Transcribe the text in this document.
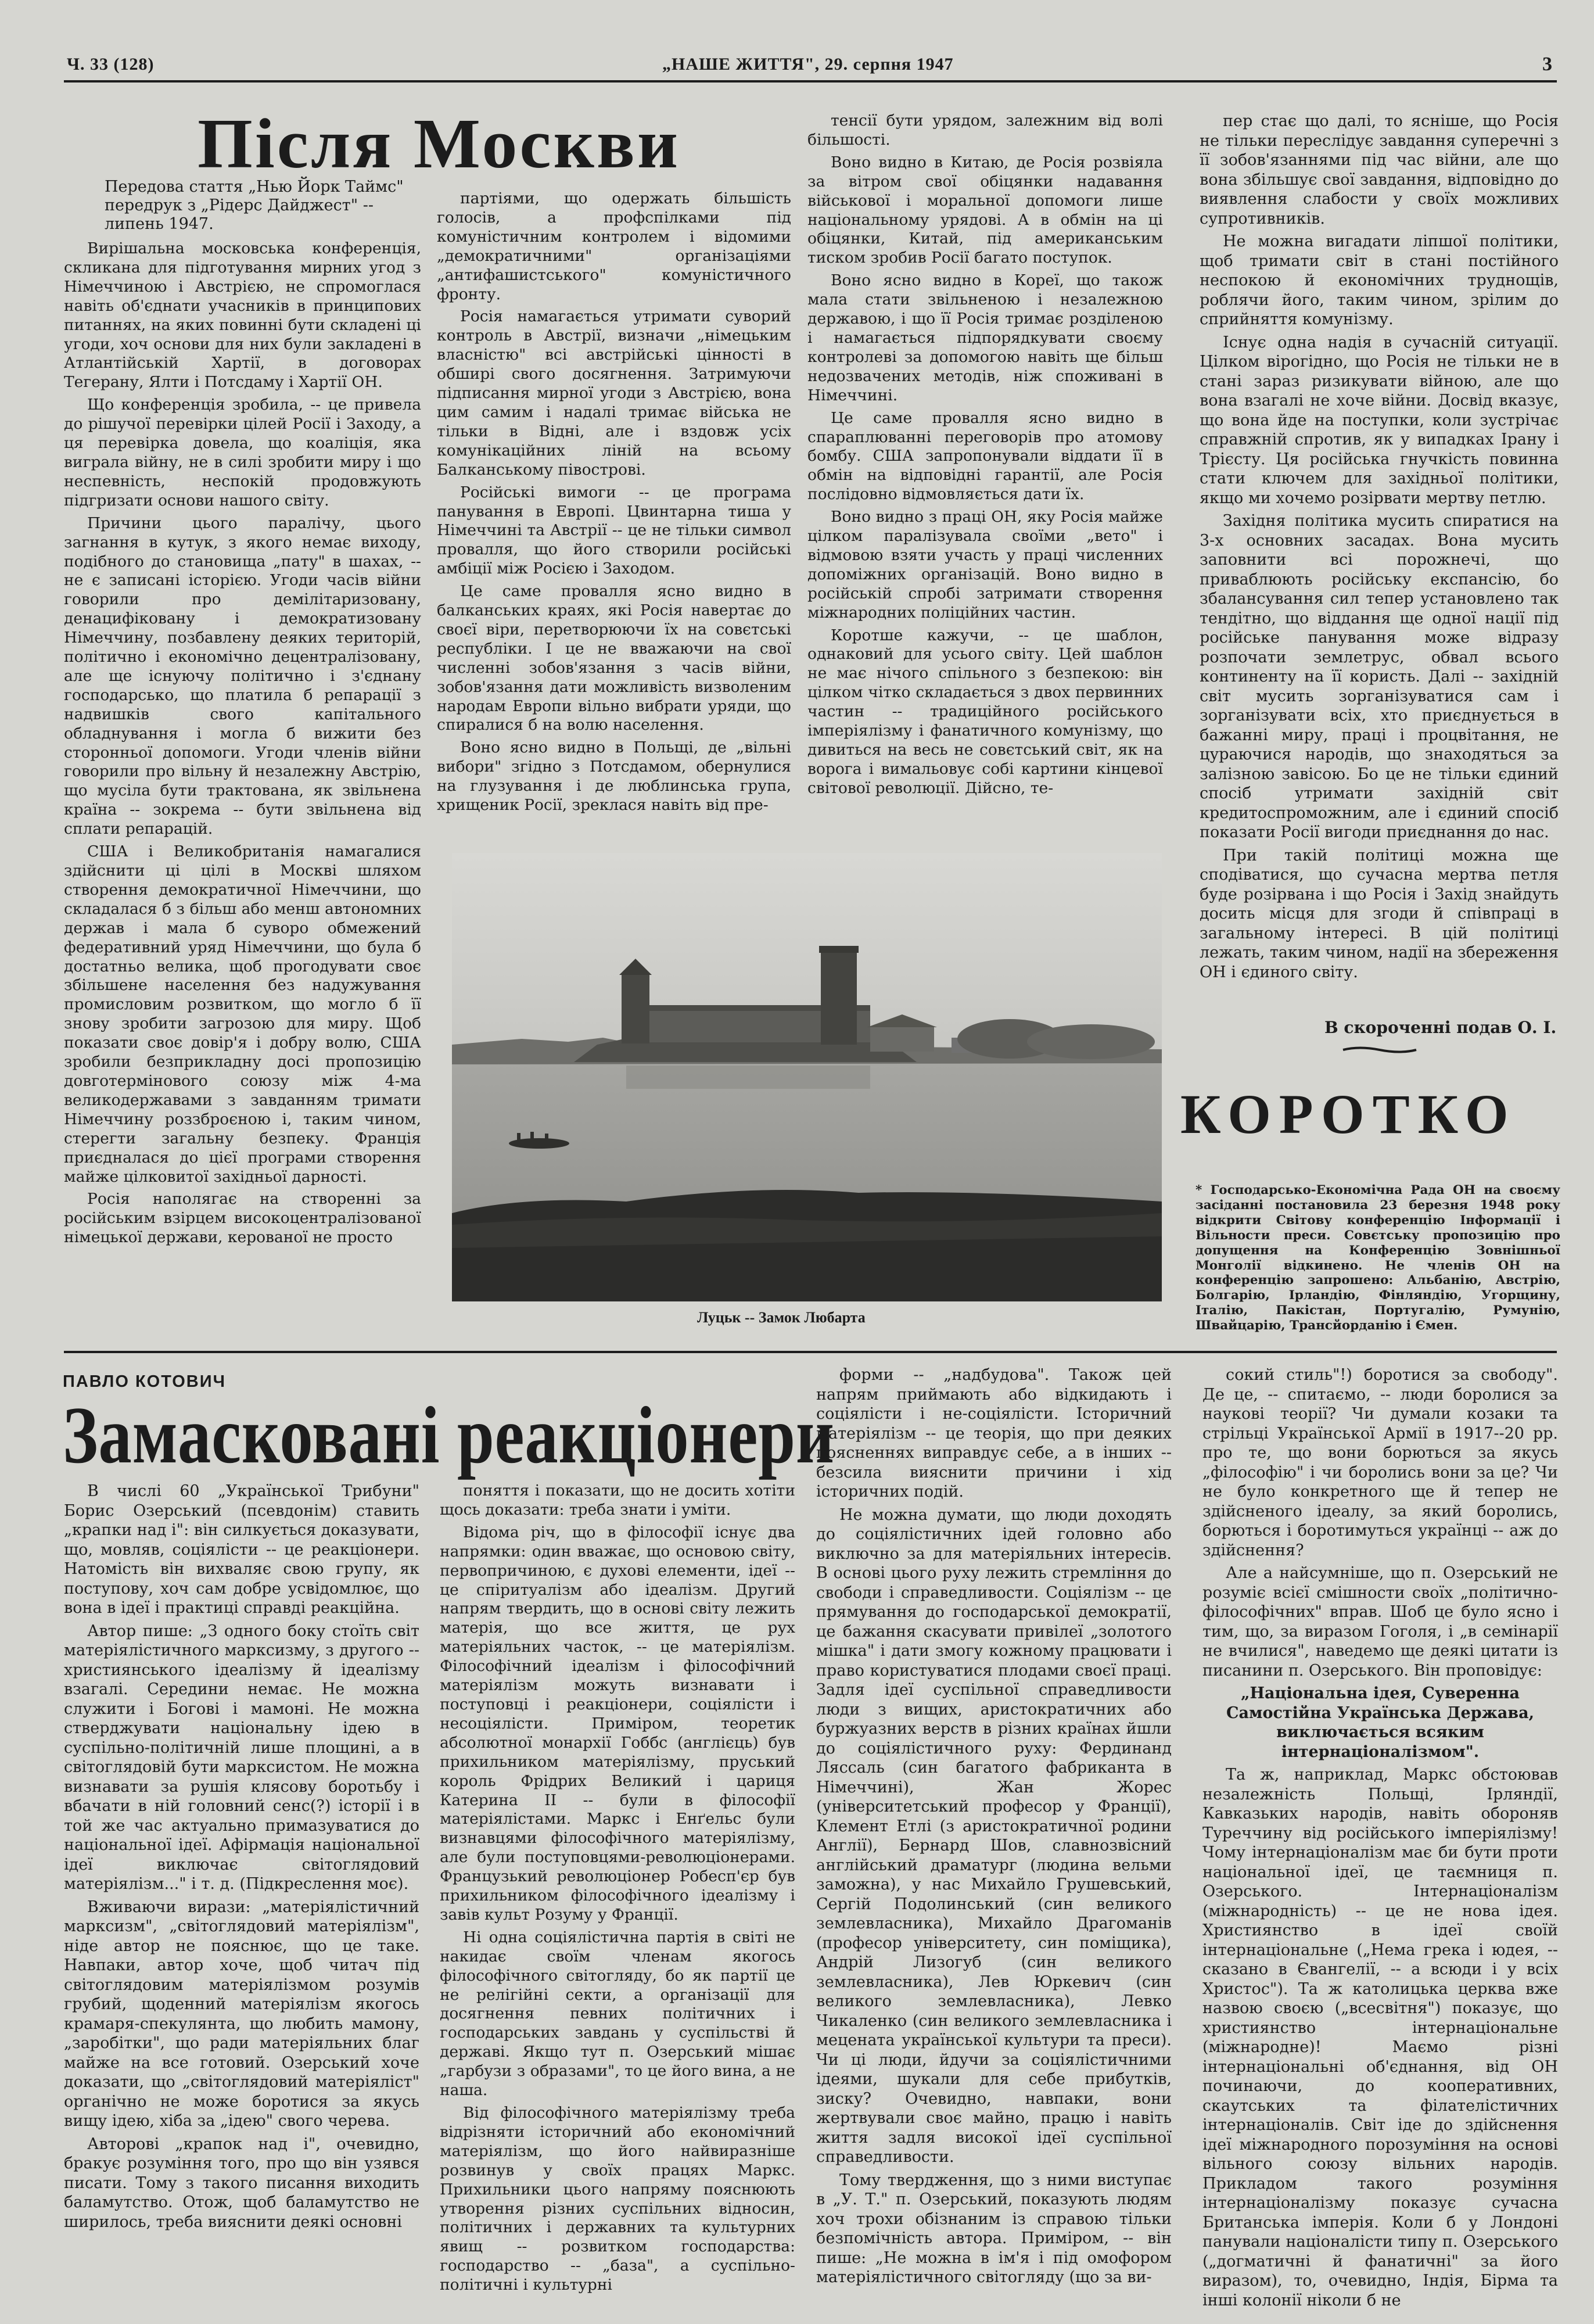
Ч. 33 (128)	„НАШЕ ЖИТТЯ", 29. серпня 1947	3
Після Москви
Передова стаття „Нью Йорк Таймс" передрук з „Рідерс Дайджест" -- липень 1947.

Вирішальна московська конференція, скликана для підготування мирних угод з Німеччиною і Австрією, не спромоглася навіть об'єднати учасників в принципових питаннях, на яких повинні бути складені ці угоди, хоч основи для них були закладені в Атлантійській Хартії, в договорах Тегерану, Ялти і Потсдаму і Хартії ОН.

Що конференція зробила, -- це привела до рішучої перевірки цілей Росії і Заходу, а ця перевірка довела, що коаліція, яка виграла війну, не в силі зробити миру і що неспевність, неспокій продовжують підгризати основи нашого світу.

Причини цього паралічу, цього загнання в кутук, з якого немає виходу, подібного до становища „пату" в шахах, -- не є записані історією. Угоди часів війни говорили про демілітаризовану, денацифіковану і демократизовану Німеччину, позбавлену деяких територій, політично і економічно децентралізовану, але ще існуючу політично і з'єднану господарсько, що платила б репарації з надвишків свого капітального обладнування і могла б вижити без сторонньої допомоги. Угоди членів війни говорили про вільну й незалежну Австрію, що мусіла бути трактована, як звільнена країна -- зокрема -- бути звільнена від сплати репарацій.

США і Великобританія намагалися здійснити ці цілі в Москві шляхом створення демократичної Німеччини, що складалася б з більш або менш автономних держав і мала б суворо обмежений федеративний уряд Німеччини, що була б достатньо велика, щоб прогодувати своє збільшене населення без надужування промисловим розвитком, що могло б її знову зробити загрозою для миру. Щоб показати своє довір'я і добру волю, США зробили безприкладну досі пропозицію довготермінового союзу між 4-ма великодержавами з завданням тримати Німеччину роззброєною і, таким чином, стерегти загальну безпеку. Франція приєдналася до цієї програми створення майже цілковитої західньої дарності.

Росія наполягає на створенні за російським взірцем високоцентралізованої німецької держави, керованої не просто

партіями, що одержать більшість голосів, а профспілками під комуністичним контролем і відомими „демократичними" організаціями „антифашистського" комуністичного фронту.

Росія намагається утримати суворий контроль в Австрії, визначи „німецьким власністю" всі австрійські цінності в обширі свого досягнення. Затримуючи підписання мирної угоди з Австрією, вона цим самим і надалі тримає війська не тільки в Відні, але і вздовж усіх комунікаційних ліній на всьому Балканському півострові.

Російські вимоги -- це програма панування в Европі. Цвинтарна тиша у Німеччині та Австрії -- це не тільки символ провалля, що його створили російські амбіції між Росією і Заходом.

Це саме провалля ясно видно в балканських краях, які Росія навертає до своєї віри, перетворюючи їх на совєтські республіки. І це не вважаючи на свої численні зобов'язання з часів війни, зобов'язання дати можливість визволеним народам Европи вільно вибрати уряди, що спиралися б на волю населення.

Воно ясно видно в Польщі, де „вільні вибори" згідно з Потсдамом, обернулися на глузування і де люблинська група, хрищеник Росії, зреклася навіть від пре-

тенсії бути урядом, залежним від волі більшості.

Воно видно в Китаю, де Росія розвіяла за вітром свої обіцянки надавання військової і моральної допомоги лише національному урядові. А в обмін на ці обіцянки, Китай, під американським тиском зробив Росії багато поступок.

Воно ясно видно в Кореї, що також мала стати звільненою і незалежною державою, і що її Росія тримає розділеною і намагається підпорядкувати своєму контролеві за допомогою навіть ще більш недозвачених методів, ніж споживані в Німеччині.

Це саме провалля ясно видно в спараплюванні переговорів про атомову бомбу. США запропонували віддати її в обмін на відповідні гарантії, але Росія послідовно відмовляється дати їх.

Воно видно з праці ОН, яку Росія майже цілком паралізувала своїми „вето" і відмовою взяти участь у праці численних допоміжних організацій. Воно видно в російській спробі затримати створення міжнародних поліційних частин.

Коротше кажучи, -- це шаблон, однаковий для усього світу. Цей шаблон не має нічого спільного з безпекою: він цілком чітко складається з двох первинних частин -- традиційного російського імперіялізму і фанатичного комунізму, що дивиться на весь не совєтський світ, як на ворога і вимальовує собі картини кінцевої світової революції. Дійсно, те-

пер стає що далі, то ясніше, що Росія не тільки переслідує завдання суперечні з її зобов'язаннями під час війни, але що вона збільшує свої завдання, відповідно до виявлення слабости у своїх можливих супротивників.

Не можна вигадати ліпшої політики, щоб тримати світ в стані постійного неспокою й економічних труднощів, роблячи його, таким чином, зрілим до сприйняття комунізму.

Існує одна надія в сучасній ситуації. Цілком вірогідно, що Росія не тільки не в стані зараз ризикувати війною, але що вона взагалі не хоче війни. Досвід вказує, що вона йде на поступки, коли зустрічає справжній спротив, як у випадках Ірану і Трієсту. Ця російська гнучкість повинна стати ключем для західньої політики, якщо ми хочемо розірвати мертву петлю.

Західня політика мусить спиратися на 3-х основних засадах. Вона мусить заповнити всі порожнечі, що приваблюють російську експансію, бо збалансування сил тепер установлено так тендітно, що віддання ще одної нації під російське панування може відразу розпочати землетрус, обвал всього континенту на її користь. Далі -- західній світ мусить зорганізуватися сам і зорганізувати всіх, хто приєднується в бажанні миру, праці і процвітання, не цураючися народів, що знаходяться за залізною завісою. Бо це не тільки єдиний спосіб утримати західній світ кредитоспроможним, але і єдиний спосіб показати Росії вигоди приєднання до нас.

При такій політиці можна ще сподіватися, що сучасна мертва петля буде розірвана і що Росія і Захід знайдуть досить місця для згоди й співпраці в загальному інтересі. В цій політиці лежать, таким чином, надії на збереження ОН і єдиного світу.

В скороченні подав О. І.
Луцьк -- Замок Любарта
КОРОТКО
* Господарсько-Економічна Рада ОН на своєму засіданні постановила 23 березня 1948 року відкрити Світову конференцію Інформації і Вільности преси. Совєтську пропозицію про допущення на Конференцію Зовнішньої Монголії відкинено. Не членів ОН на конференцію запрошено: Альбанію, Австрію, Болгарію, Ірландію, Фінляндію, Угорщину, Італію, Пакістан, Португалію, Румунію, Швайцарію, Трансйорданію і Ємен.
ПАВЛО КОТОВИЧ
Замасковані реакціонери

В числі 60 „Української Трибуни" Борис Озерський (псевдонім) ставить „крапки над і": він силкується доказувати, що, мовляв, соціялісти -- це реакціонери. Натомість він вихваляє свою групу, як поступову, хоч сам добре усвідомлює, що вона в ідеї і практиці справді реакційна.

Автор пише: „З одного боку стоїть світ матеріялістичного марксизму, з другого -- християнського ідеалізму й ідеалізму взагалі. Середини немає. Не можна служити і Богові і мамоні. Не можна стверджувати національну ідею в суспільно-політичній лише площині, а в світоглядовій бути марксистом. Не можна визнавати за рушія клясову боротьбу і вбачати в ній головний сенс(?) історії і в той же час актуально примазуватися до національної ідеї. Афірмація національної ідеї виключає світоглядовий матеріялізм..." і т. д. (Підкреслення моє).

Вживаючи вирази: „матеріялістичний марксизм", „світоглядовий матеріялізм", ніде автор не пояснює, що це таке. Навпаки, автор хоче, щоб читач під світоглядовим матеріялізмом розумів грубий, щоденний матеріялізм якогось крамаря-спекулянта, що любить мамону, „заробітки", що ради матеріяльних благ майже на все готовий. Озерський хоче доказати, що „світоглядовий матеріяліст" органічно не може боротися за якусь вищу ідею, хіба за „ідею" свого черева.

Авторові „крапок над і", очевидно, бракує розуміння того, про що він узявся писати. Тому з такого писання виходить баламутство. Отож, щоб баламутство не ширилось, треба вияснити деякі основні

поняття і показати, що не досить хотіти щось доказати: треба знати і уміти.

Відома річ, що в філософії існує два напрямки: один вважає, що основою світу, первопричиною, є духові елементи, ідеї -- це спіритуалізм або ідеалізм. Другий напрям твердить, що в основі світу лежить матерія, що все життя, це рух матеріяльних часток, -- це матеріялізм. Філософічний ідеалізм і філософічний матеріялізм можуть визнавати і поступовці і реакціонери, соціялісти і несоціялісти. Приміром, теоретик абсолютної монархії Гоббс (англієць) був прихильником матеріялізму, пруський король Фрідрих Великий і цариця Катерина II -- були в філософії матеріялістами. Маркс і Енґельс були визнавцями філософічного матеріялізму, але були поступовцями-революціонерами. Французький революціонер Робесп'єр був прихильником філософічного ідеалізму і завів культ Розуму у Франції.

Ні одна соціялістична партія в світі не накидає своїм членам якогось філософічного світогляду, бо як партії це не релігійні секти, а організації для досягнення певних політичних і господарських завдань у суспільстві й державі. Якщо тут п. Озерський мішає „гарбузи з образами", то це його вина, а не наша.

Від філософічного матеріялізму треба відрізняти історичний або економічний матеріялізм, що його найвиразніше розвинув у своїх працях Маркс. Прихильники цього напряму пояснюють утворення різних суспільних відносин, політичних і державних та культурних явищ -- розвитком господарства: господарство -- „база", а суспільно-політичні і культурні

форми -- „надбудова". Також цей напрям приймають або відкидають і соціялісти і не-соціялісти. Історичний матеріялізм -- це теорія, що при деяких поясненнях виправдує себе, а в інших -- безсила вияснити причини і хід історичних подій.

Не можна думати, що люди доходять до соціялістичних ідей головно або виключно за для матеріяльних інтересів. В основі цього руху лежить стремління до свободи і справедливости. Соціялізм -- це прямування до господарської демократії, це бажання скасувати привілеї „золотого мішка" і дати змогу кожному працювати і право користуватися плодами своєї праці. Задля ідеї суспільної справедливости люди з вищих, аристократичних або буржуазних верств в різних країнах йшли до соціялістичного руху: Фердинанд Ляссаль (син багатого фабриканта в Німеччині), Жан Жорес (університетський професор у Франції), Клемент Етлі (з аристократичної родини Англії), Бернард Шов, славнозвісний англійський драматург (людина вельми заможна), у нас Михайло Грушевський, Сергій Подолинський (син великого землевласника), Михайло Драгоманів (професор університету, син поміщика), Андрій Лизогуб (син великого землевласника), Лев Юркевич (син великого землевласника), Левко Чикаленко (син великого землевласника і мецената української культури та преси). Чи ці люди, йдучи за соціялістичними ідеями, шукали для себе прибутків, зиску? Очевидно, навпаки, вони жертвували своє майно, працю і навіть життя задля високої ідеї суспільної справедливости.

Тому твердження, що з ними виступає в „У. Т." п. Озерський, показують людям хоч трохи обізнаним із справою тільки безпомічність автора. Приміром, -- він пише: „Не можна в ім'я і під омофором матеріялістичного світогляду (що за ви-

сокий стиль"!) боротися за свободу". Де це, -- спитаємо, -- люди боролися за наукові теорії? Чи думали козаки та стрільці Української Армії в 1917--20 рр. про те, що вони борються за якусь „філософію" і чи боролись вони за це? Чи не було конкретного ще й тепер не здійсненого ідеалу, за який боролись, борються і боротимуться українці -- аж до здійснення?

Але а найсумніше, що п. Озерський не розуміє всієї смішности своїх „політично-філософічних" вправ. Шоб це було ясно і тим, що, за виразом Гоголя, і „в семінарії не вчилися", наведемо ще деякі цитати із писанини п. Озерського. Він проповідує:

„Національна ідея, Суверенна Самостійна Українська Держава, виключається всяким інтернаціоналізмом".

Та ж, наприклад, Маркс обстоював незалежність Польщі, Ірляндії, Кавказьких народів, навіть обороняв Туреччину від російського імперіялізму! Чому інтернаціоналізм має би бути проти національної ідеї, це таємниця п. Озерського. Інтернаціоналізм (міжнародність) -- це не нова ідея. Християнство в ідеї своїй інтернаціональне („Нема грека і юдея, -- сказано в Євангелії, -- а всюди і у всіх Христос"). Та ж католицька церква вже назвою своєю („всесвітня") показує, що християнство інтернаціональне (міжнародне)! Маємо різні інтернаціональні об'єднання, від ОН починаючи, до кооперативних, скаутських та філателістичних інтернаціоналів. Світ іде до здійснення ідеї міжнародного порозуміння на основі вільного союзу вільних народів. Прикладом такого розуміння інтернаціоналізму показує сучасна Британська імперія. Коли б у Лондоні панували націоналісти типу п. Озерського („догматичні й фанатичні" за його виразом), то, очевидно, Індія, Бірма та інші колонії ніколи б не
